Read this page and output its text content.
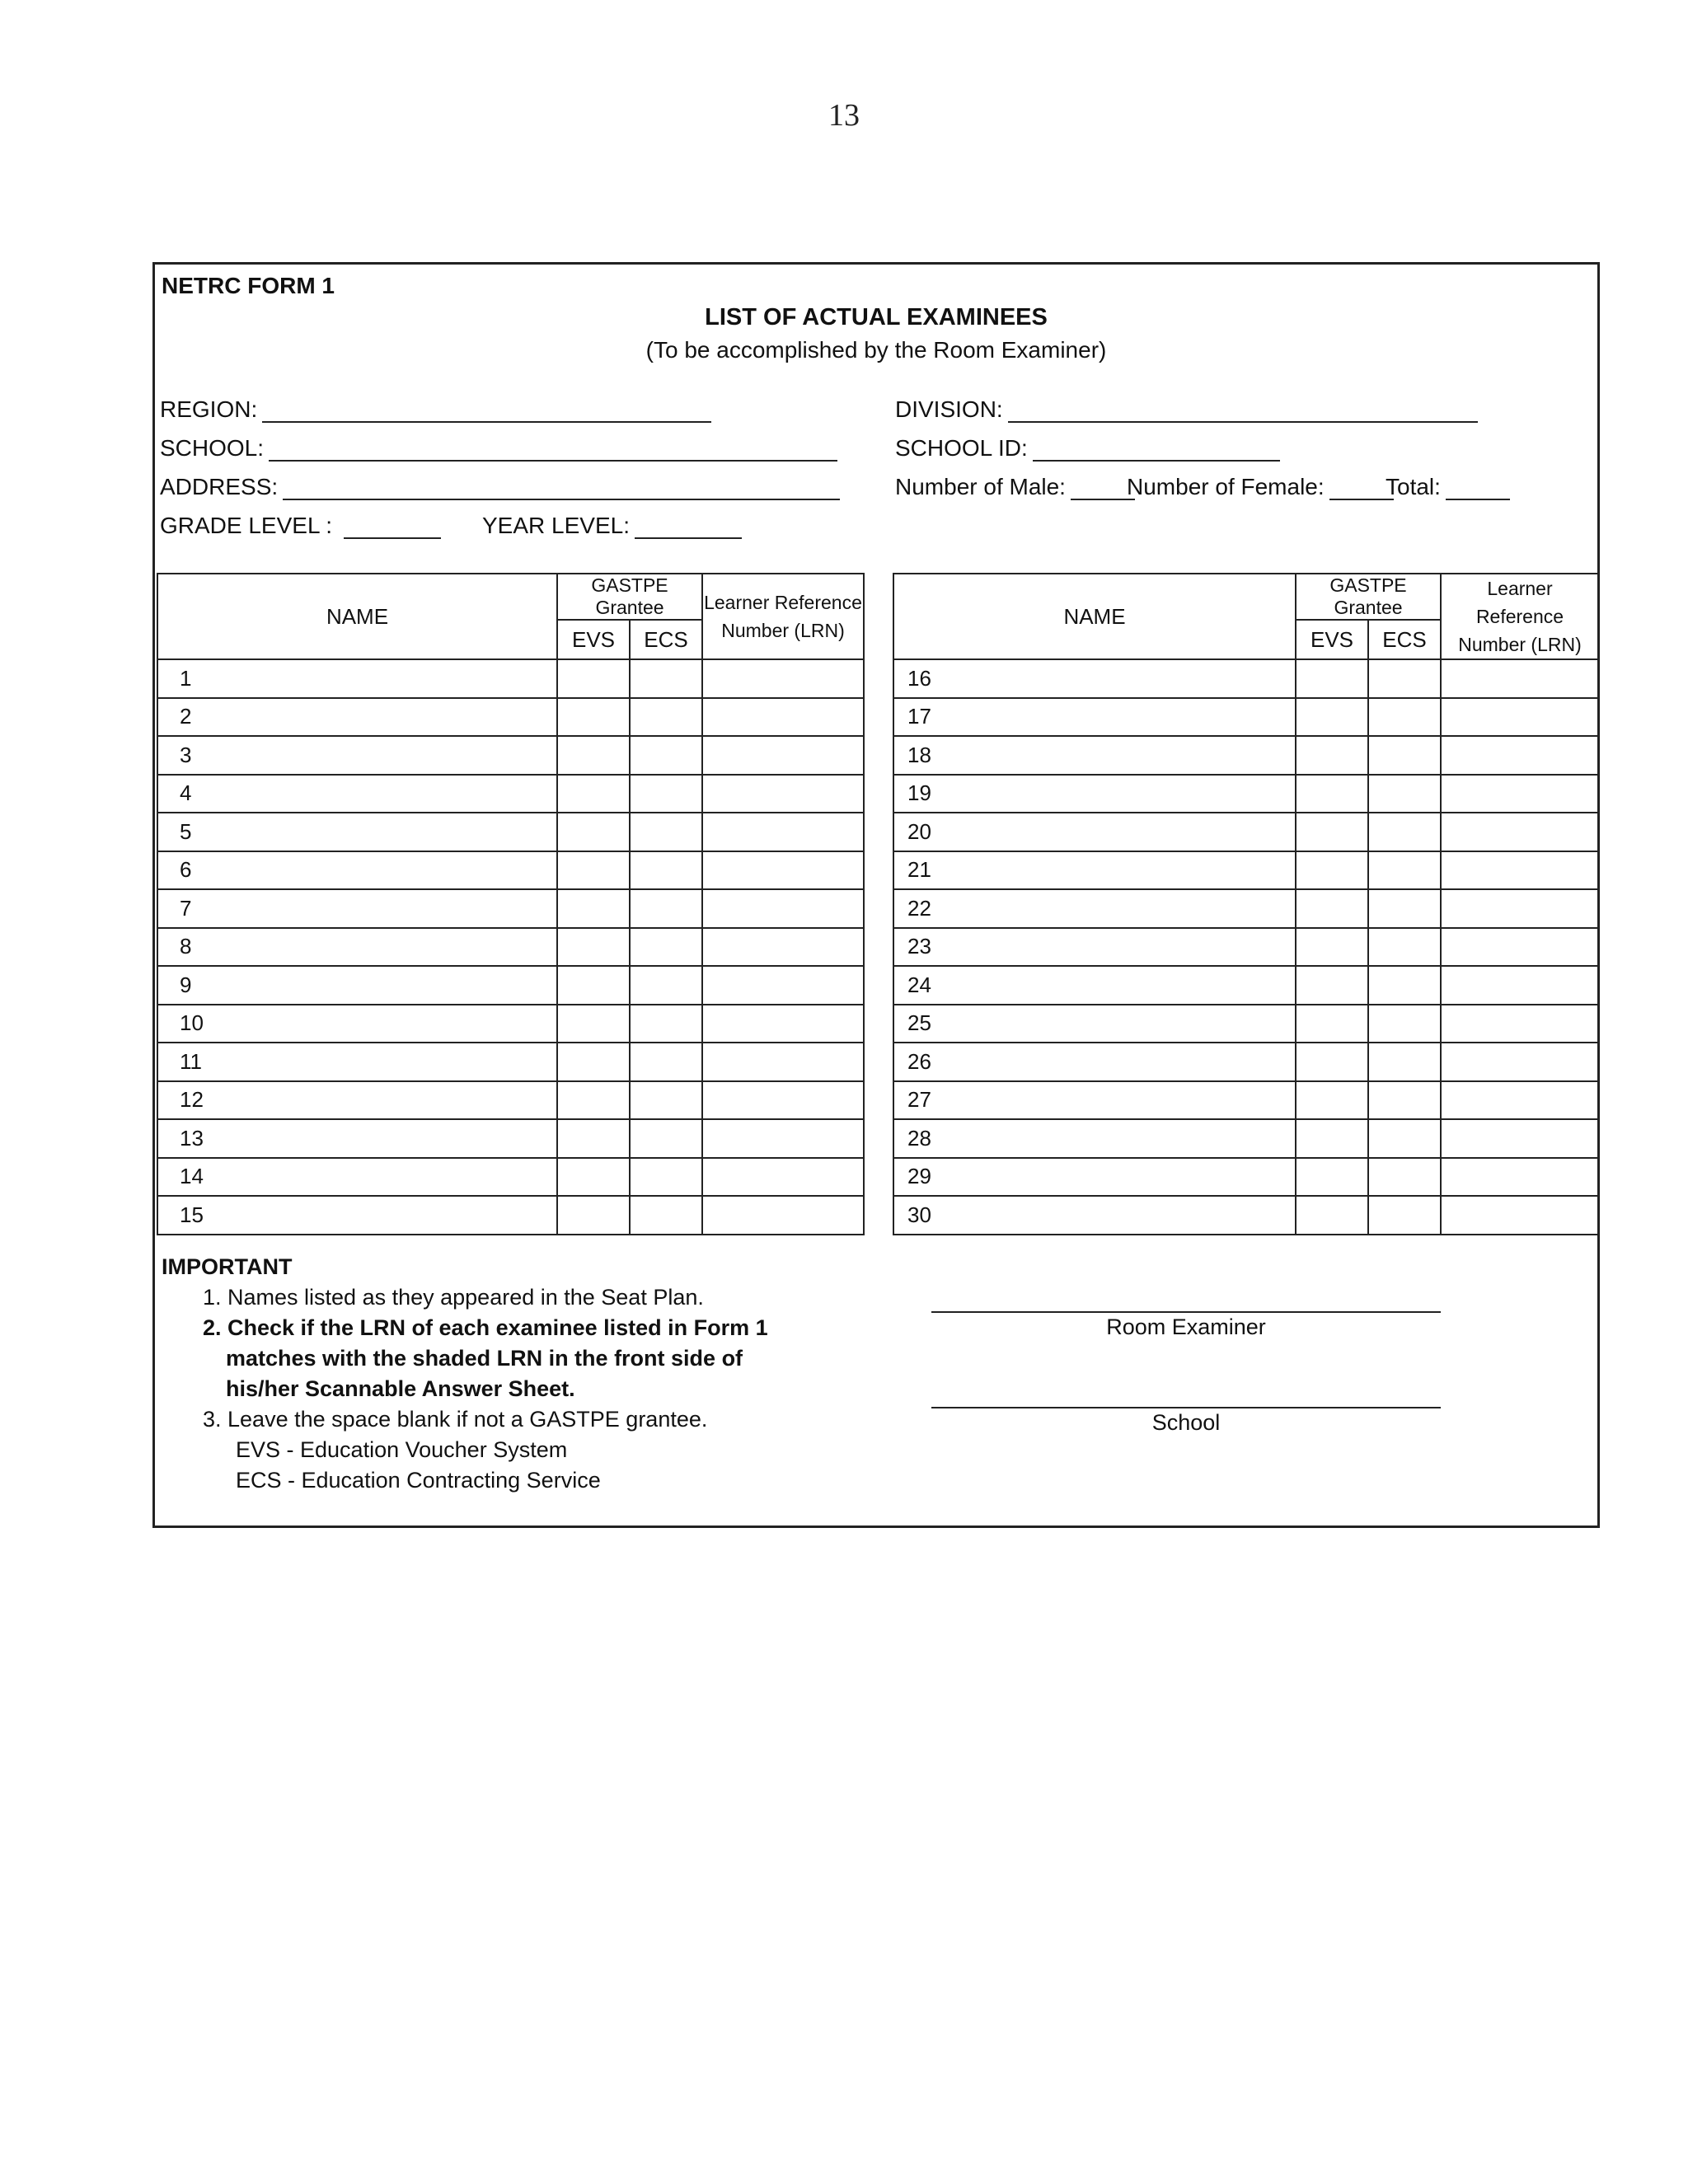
13
NETRC FORM 1
LIST OF ACTUAL EXAMINEES
(To be accomplished by the Room Examiner)
REGION:
SCHOOL:
ADDRESS:
GRADE LEVEL :	YEAR LEVEL:
DIVISION:
SCHOOL ID:
Number of Male:	Number of Female:	Total:
NAME	GASTPE Grantee		Learner Reference
Number (LRN)

	EVS	ECS	
1			
2			
3			
4			
5			
6			
7			
8			
9			
10			
11			
12			
13			
14			
15			
NAME	GASTPE Grantee		Learner Reference
Number (LRN)

	EVS	ECS	
16			
17			
18			
19			
20			
21			
22			
23			
24			
25			
26			
27			
28			
29			
30			
IMPORTANT
1. Names listed as they appeared in the Seat Plan.
2. Check if the LRN of each examinee listed in Form 1
matches with the shaded LRN in the front side of
his/her Scannable Answer Sheet.
3. Leave the space blank if not a GASTPE grantee.
EVS - Education Voucher System
ECS - Education Contracting Service
Room Examiner
School
